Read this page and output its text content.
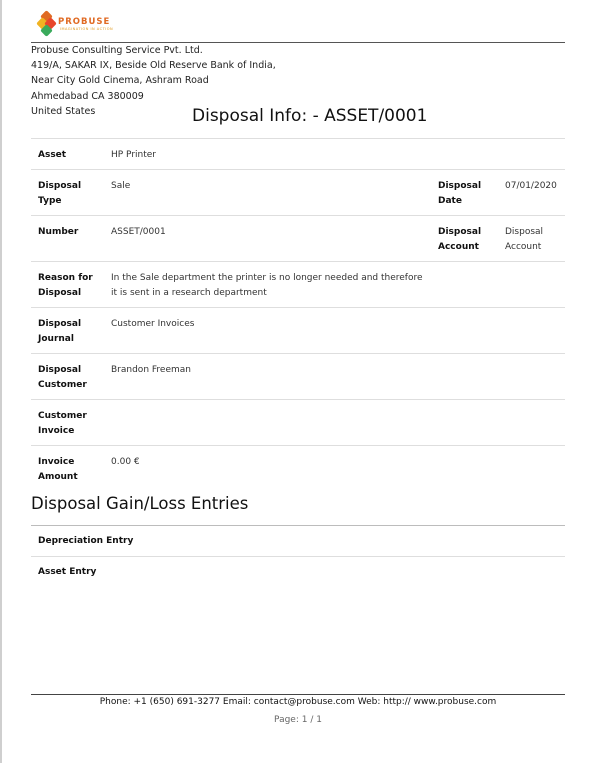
PROBUSE
IMAGINATION IN ACTION
Probuse Consulting Service Pvt. Ltd.
419/A, SAKAR IX, Beside Old Reserve Bank of India,
Near City Gold Cinema, Ashram Road
Ahmedabad CA 380009
United States	Disposal Info: - ASSET/0001
Asset	HP Printer		
Disposal Type	Sale	Disposal Date	07/01/2020
Number	ASSET/0001	Disposal Account	Disposal Account
Reason for Disposal	In the Sale department the printer is no longer needed and therefore it is sent in a research department		

Disposal Journal	Customer Invoices		
Disposal Customer	Brandon Freeman		
Customer Invoice			
Invoice Amount	0.00 €		
Disposal Gain/Loss Entries
Depreciation Entry
Asset Entry
Phone: +1 (650) 691-3277 Email: contact@probuse.com Web: http:// www.probuse.com
Page: 1 / 1
